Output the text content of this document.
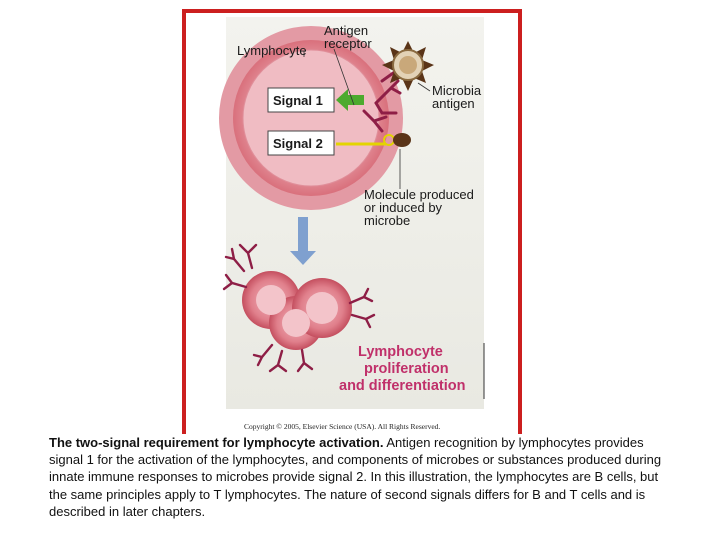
Signal 1
Signal 2
Antigen
receptor
Lymphocyte
Microbia
antigen
Molecule produced
or induced by
microbe
Lymphocyte
proliferation
and differentiation
Copyright © 2005, Elsevier Science (USA). All Rights Reserved.
The two-signal requirement for lymphocyte activation. Antigen recognition by lymphocytes provides signal 1 for the activation of the lymphocytes, and components of microbes or substances produced during innate immune responses to microbes provide signal 2. In this illustration, the lymphocytes are B cells, but the same principles apply to T lymphocytes. The nature of second signals differs for B and T cells and is described in later chapters.
